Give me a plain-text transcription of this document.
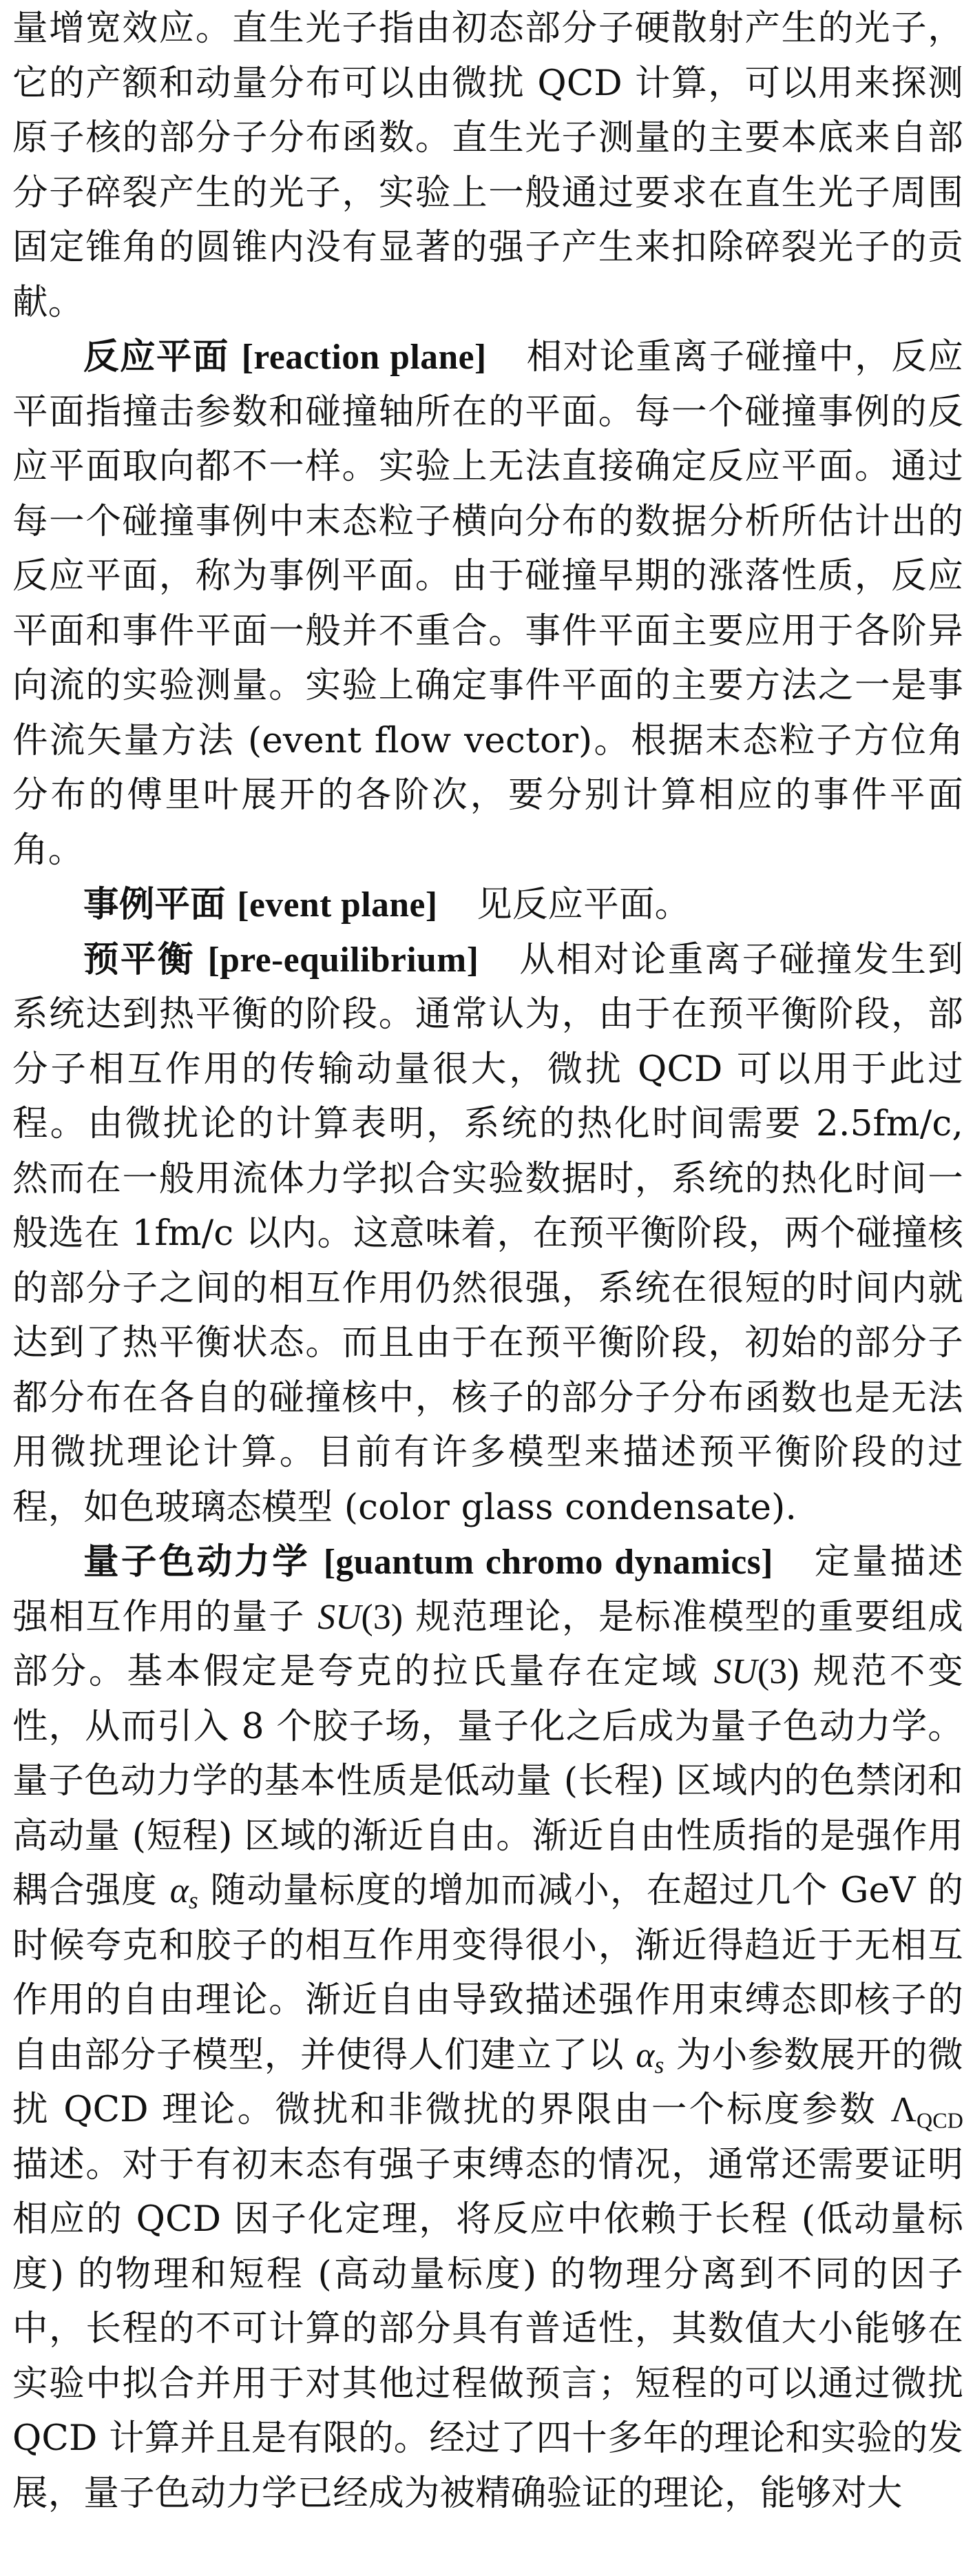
量增宽效应。直生光子指由初态部分子硬散射产生的光子，它的产额和动量分布可以由微扰 QCD 计算，可以用来探测原子核的部分子分布函数。直生光子测量的主要本底来自部分子碎裂产生的光子，实验上一般通过要求在直生光子周围固定锥角的圆锥内没有显著的强子产生来扣除碎裂光子的贡献。

反应平面 [reaction plane] 相对论重离子碰撞中，反应平面指撞击参数和碰撞轴所在的平面。每一个碰撞事例的反应平面取向都不一样。实验上无法直接确定反应平面。通过每一个碰撞事例中末态粒子横向分布的数据分析所估计出的反应平面，称为事例平面。由于碰撞早期的涨落性质，反应平面和事件平面一般并不重合。事件平面主要应用于各阶异向流的实验测量。实验上确定事件平面的主要方法之一是事件流矢量方法 (event flow vector)。根据末态粒子方位角分布的傅里叶展开的各阶次，要分别计算相应的事件平面角。

事例平面 [event plane] 见反应平面。

预平衡 [pre-equilibrium] 从相对论重离子碰撞发生到系统达到热平衡的阶段。通常认为，由于在预平衡阶段，部分子相互作用的传输动量很大，微扰 QCD 可以用于此过程。由微扰论的计算表明，系统的热化时间需要 2.5fm/c, 然而在一般用流体力学拟合实验数据时，系统的热化时间一般选在 1fm/c 以内。这意味着，在预平衡阶段，两个碰撞核的部分子之间的相互作用仍然很强，系统在很短的时间内就达到了热平衡状态。而且由于在预平衡阶段，初始的部分子都分布在各自的碰撞核中，核子的部分子分布函数也是无法用微扰理论计算。目前有许多模型来描述预平衡阶段的过程，如色玻璃态模型 (color glass condensate).

量子色动力学 [guantum chromo dynamics] 定量描述强相互作用的量子 SU(3) 规范理论，是标准模型的重要组成部分。基本假定是夸克的拉氏量存在定域 SU(3) 规范不变性，从而引入 8 个胶子场，量子化之后成为量子色动力学。量子色动力学的基本性质是低动量 (长程) 区域内的色禁闭和高动量 (短程) 区域的渐近自由。渐近自由性质指的是强作用耦合强度 $\alpha_s$ 随动量标度的增加而减小，在超过几个 GeV 的时候夸克和胶子的相互作用变得很小，渐近得趋近于无相互作用的自由理论。渐近自由导致描述强作用束缚态即核子的自由部分子模型，并使得人们建立了以 $\alpha_s$ 为小参数展开的微扰 QCD 理论。微扰和非微扰的界限由一个标度参数 $\Lambda_{QCD}$ 描述。对于有初末态有强子束缚态的情况，通常还需要证明相应的 QCD 因子化定理，将反应中依赖于长程 (低动量标度) 的物理和短程 (高动量标度) 的物理分离到不同的因子中，长程的不可计算的部分具有普适性，其数值大小能够在实验中拟合并用于对其他过程做预言；短程的可以通过微扰 QCD 计算并且是有限的。经过了四十多年的理论和实验的发展，量子色动力学已经成为被精确验证的理论，能够对大
